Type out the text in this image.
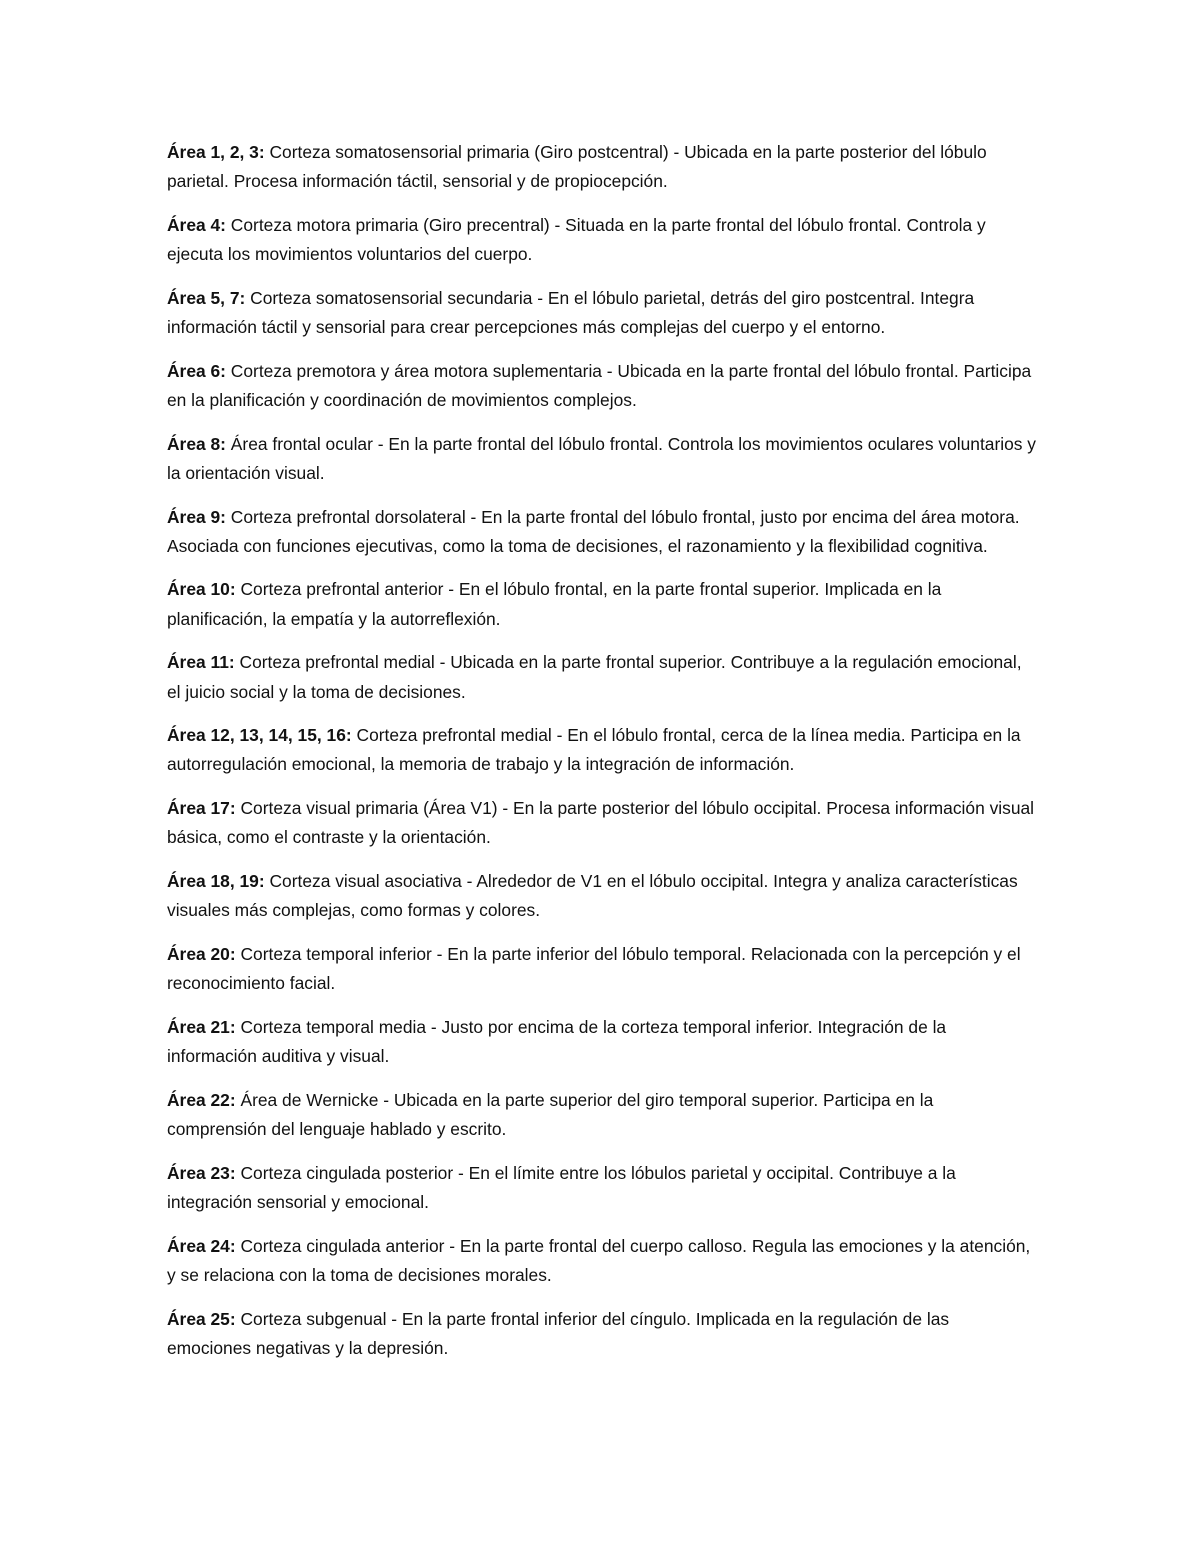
Área 1, 2, 3: Corteza somatosensorial primaria (Giro postcentral) - Ubicada en la parte posterior del lóbulo parietal. Procesa información táctil, sensorial y de propiocepción.

Área 4: Corteza motora primaria (Giro precentral) - Situada en la parte frontal del lóbulo frontal. Controla y ejecuta los movimientos voluntarios del cuerpo.

Área 5, 7: Corteza somatosensorial secundaria - En el lóbulo parietal, detrás del giro postcentral. Integra información táctil y sensorial para crear percepciones más complejas del cuerpo y el entorno.

Área 6: Corteza premotora y área motora suplementaria - Ubicada en la parte frontal del lóbulo frontal. Participa en la planificación y coordinación de movimientos complejos.

Área 8: Área frontal ocular - En la parte frontal del lóbulo frontal. Controla los movimientos oculares voluntarios y la orientación visual.

Área 9: Corteza prefrontal dorsolateral - En la parte frontal del lóbulo frontal, justo por encima del área motora. Asociada con funciones ejecutivas, como la toma de decisiones, el razonamiento y la flexibilidad cognitiva.

Área 10: Corteza prefrontal anterior - En el lóbulo frontal, en la parte frontal superior. Implicada en la planificación, la empatía y la autorreflexión.

Área 11: Corteza prefrontal medial - Ubicada en la parte frontal superior. Contribuye a la regulación emocional, el juicio social y la toma de decisiones.

Área 12, 13, 14, 15, 16: Corteza prefrontal medial - En el lóbulo frontal, cerca de la línea media. Participa en la autorregulación emocional, la memoria de trabajo y la integración de información.

Área 17: Corteza visual primaria (Área V1) - En la parte posterior del lóbulo occipital. Procesa información visual básica, como el contraste y la orientación.

Área 18, 19: Corteza visual asociativa - Alrededor de V1 en el lóbulo occipital. Integra y analiza características visuales más complejas, como formas y colores.

Área 20: Corteza temporal inferior - En la parte inferior del lóbulo temporal. Relacionada con la percepción y el reconocimiento facial.

Área 21: Corteza temporal media - Justo por encima de la corteza temporal inferior. Integración de la información auditiva y visual.

Área 22: Área de Wernicke - Ubicada en la parte superior del giro temporal superior. Participa en la comprensión del lenguaje hablado y escrito.

Área 23: Corteza cingulada posterior - En el límite entre los lóbulos parietal y occipital. Contribuye a la integración sensorial y emocional.

Área 24: Corteza cingulada anterior - En la parte frontal del cuerpo calloso. Regula las emociones y la atención, y se relaciona con la toma de decisiones morales.

Área 25: Corteza subgenual - En la parte frontal inferior del cíngulo. Implicada en la regulación de las emociones negativas y la depresión.
